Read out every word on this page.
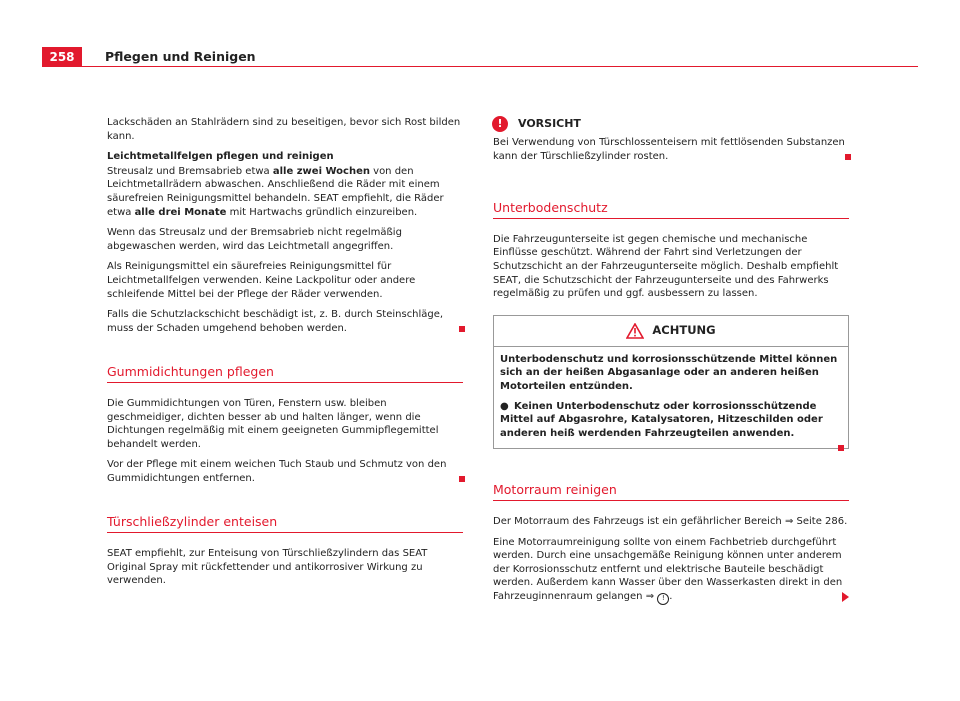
258	Pflegen und Reinigen

Lackschäden an Stahlrädern sind zu beseitigen, bevor sich Rost bilden kann.

Leichtmetallfelgen pflegen und reinigen

Streusalz und Bremsabrieb etwa alle zwei Wochen von den Leichtmetallrädern abwaschen. Anschließend die Räder mit einem säurefreien Reinigungsmittel behandeln. SEAT empfiehlt, die Räder etwa alle drei Monate mit Hartwachs gründlich einzureiben.

Wenn das Streusalz und der Bremsabrieb nicht regelmäßig abgewaschen werden, wird das Leichtmetall angegriffen.

Als Reinigungsmittel ein säurefreies Reinigungsmittel für Leichtmetallfelgen verwenden. Keine Lackpolitur oder andere schleifende Mittel bei der Pflege der Räder verwenden.

Falls die Schutzlackschicht beschädigt ist, z. B. durch Steinschläge, muss der Schaden umgehend behoben werden.

Gummidichtungen pflegen

Die Gummidichtungen von Türen, Fenstern usw. bleiben geschmeidiger, dichten besser ab und halten länger, wenn die Dichtungen regelmäßig mit einem geeigneten Gummipflegemittel behandelt werden.

Vor der Pflege mit einem weichen Tuch Staub und Schmutz von den Gummidichtungen entfernen.

Türschließzylinder enteisen

SEAT empfiehlt, zur Enteisung von Türschließzylindern das SEAT Original Spray mit rückfettender und antikorrosiver Wirkung zu verwenden.

!	VORSICHT

Bei Verwendung von Türschlossenteisern mit fettlösenden Substanzen kann der Türschließzylinder rosten.

Unterbodenschutz

Die Fahrzeugunterseite ist gegen chemische und mechanische Einflüsse geschützt. Während der Fahrt sind Verletzungen der Schutzschicht an der Fahrzeugunterseite möglich. Deshalb empfiehlt SEAT, die Schutzschicht der Fahrzeugunterseite und des Fahrwerks regelmäßig zu prüfen und ggf. ausbessern zu lassen.

ACHTUNG

Unterbodenschutz und korrosionsschützende Mittel können sich an der heißen Abgasanlage oder an anderen heißen Motorteilen entzünden.

● Keinen Unterbodenschutz oder korrosionsschützende Mittel auf Abgasrohre, Katalysatoren, Hitzeschilden oder anderen heiß werdenden Fahrzeugteilen anwenden.

Motorraum reinigen

Der Motorraum des Fahrzeugs ist ein gefährlicher Bereich ⇒ Seite 286.

Eine Motorraumreinigung sollte von einem Fachbetrieb durchgeführt werden. Durch eine unsachgemäße Reinigung können unter anderem der Korrosionsschutz entfernt und elektrische Bauteile beschädigt werden. Außerdem kann Wasser über den Wasserkasten direkt in den Fahrzeuginnenraum gelangen ⇒ ! .
